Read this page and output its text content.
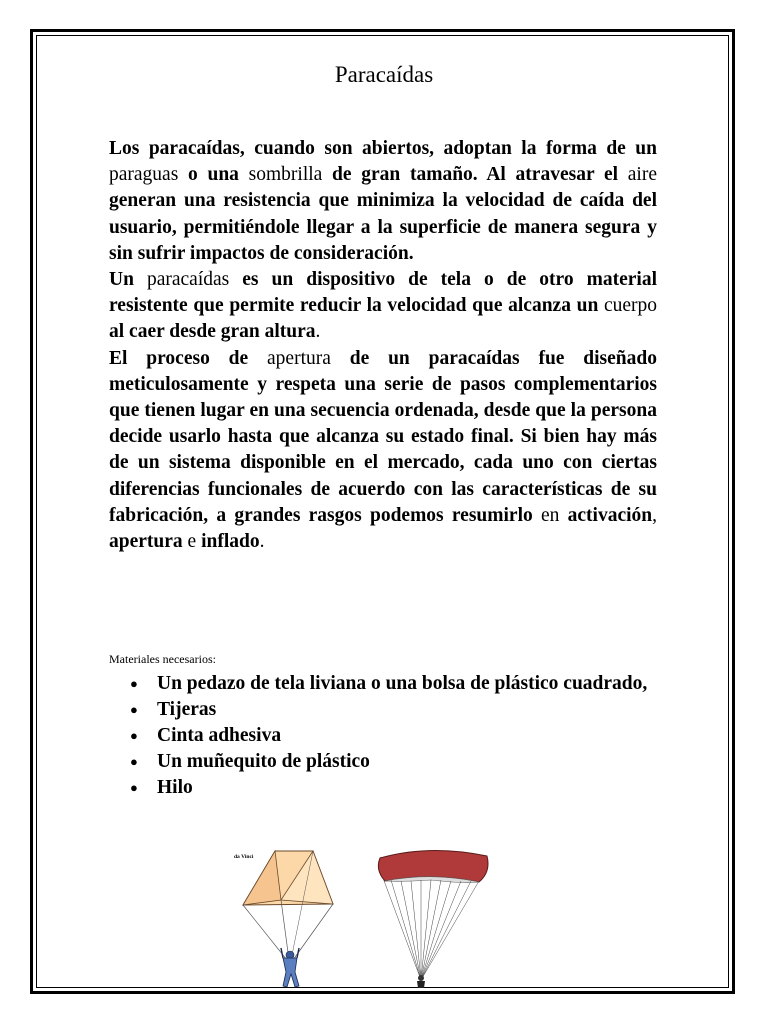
Paracaídas

Los paracaídas, cuando son abiertos, adoptan la forma de un paraguas o una sombrilla de gran tamaño. Al atravesar el aire generan una resistencia que minimiza la velocidad de caída del usuario, permitiéndole llegar a la superficie de manera segura y sin sufrir impactos de consideración.

Un paracaídas es un dispositivo de tela o de otro material resistente que permite reducir la velocidad que alcanza un cuerpo al caer desde gran altura.

El proceso de apertura de un paracaídas fue diseñado meticulosamente y respeta una serie de pasos complementarios que tienen lugar en una secuencia ordenada, desde que la persona decide usarlo hasta que alcanza su estado final. Si bien hay más de un sistema disponible en el mercado, cada uno con ciertas diferencias funcionales de acuerdo con las características de su fabricación, a grandes rasgos podemos resumirlo en activación, apertura e inflado.

Materiales necesarios:
● Un pedazo de tela liviana o una bolsa de plástico cuadrado,
● Tijeras
● Cinta adhesiva
● Un muñequito de plástico
● Hilo
da Vinci
